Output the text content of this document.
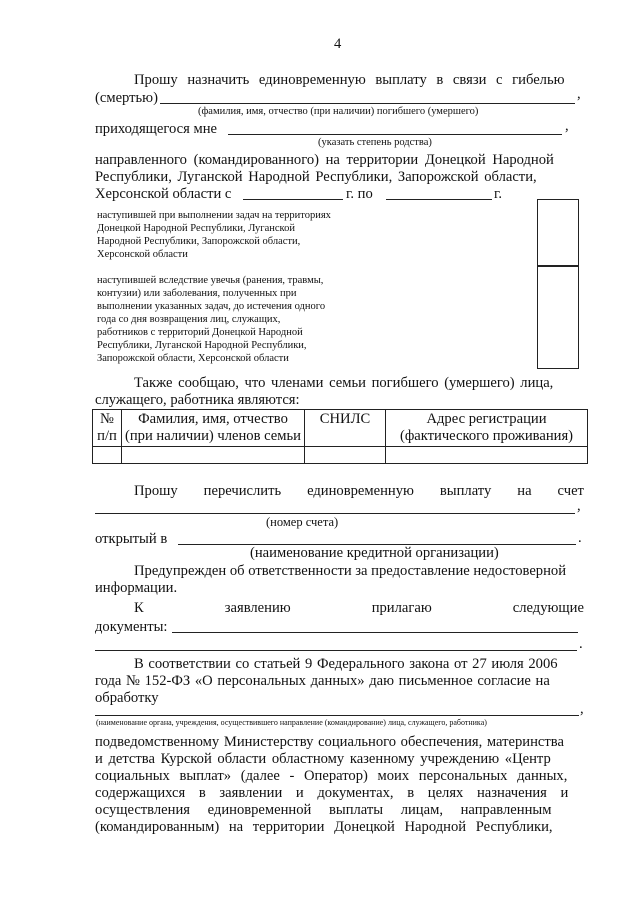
4
Прошу назначить единовременную выплату в связи с гибелью
(смертью)	,
(фамилия, имя, отчество (при наличии) погибшего (умершего)
приходящегося мне	,
(указать степень родства)
направленного (командированного) на территории Донецкой Народной
Республики, Луганской Народной Республики, Запорожской области,
Херсонской области с	г. по	г.
наступившей при выполнении задач на территориях
Донецкой Народной Республики, Луганской
Народной Республики, Запорожской области,
Херсонской области
наступившей вследствие увечья (ранения, травмы,
контузии) или заболевания, полученных при
выполнении указанных задач, до истечения одного
года со дня возвращения лиц, служащих,
работников с территорий Донецкой Народной
Республики, Луганской Народной Республики,
Запорожской области, Херсонской области
Также сообщаю, что членами семьи погибшего (умершего) лица,
служащего, работника являются:
№ п/п	Фамилия, имя, отчество (при наличии) членов семьи	СНИЛС	Адрес регистрации (фактического проживания)

Прошу перечислить единовременную выплату на счет
,
(номер счета)
открытый в	.
(наименование кредитной организации)
Предупрежден об ответственности за предоставление недостоверной
информации.
К	заявлению	прилагаю	следующие
документы:
.
В соответствии со статьей 9 Федерального закона от 27 июля 2006
года № 152-ФЗ «О персональных данных» даю письменное согласие на
обработку
,
(наименование органа, учреждения, осуществившего направление (командирование) лица, служащего, работника)
подведомственному Министерству социального обеспечения, материнства
и детства Курской области областному казенному учреждению «Центр
социальных выплат» (далее - Оператор) моих персональных данных,
содержащихся в заявлении и документах, в целях назначения и
осуществления единовременной выплаты лицам, направленным
(командированным) на территории Донецкой Народной Республики,
